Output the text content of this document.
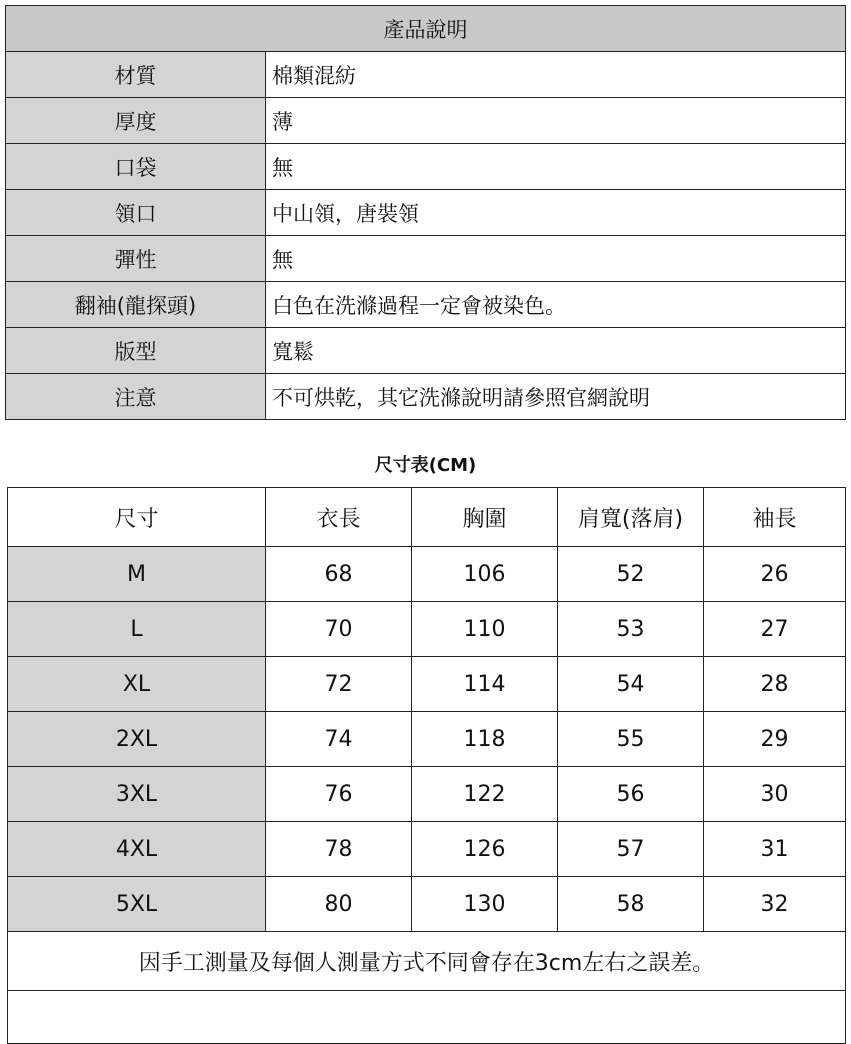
產品說明	
材質	棉類混紡
厚度	薄
口袋	無
領口	中山領，唐裝領
彈性	無
翻袖(龍探頭)	白色在洗滌過程一定會被染色。
版型	寬鬆
注意	不可烘乾，其它洗滌說明請參照官網說明
尺寸表(CM)
尺寸	衣長	胸圍	肩寬(落肩)	袖長
M	68	106	52	26
L	70	110	53	27
XL	72	114	54	28
2XL	74	118	55	29
3XL	76	122	56	30
4XL	78	126	57	31
5XL	80	130	58	32
因手工測量及每個人測量方式不同會存在3cm左右之誤差。				
